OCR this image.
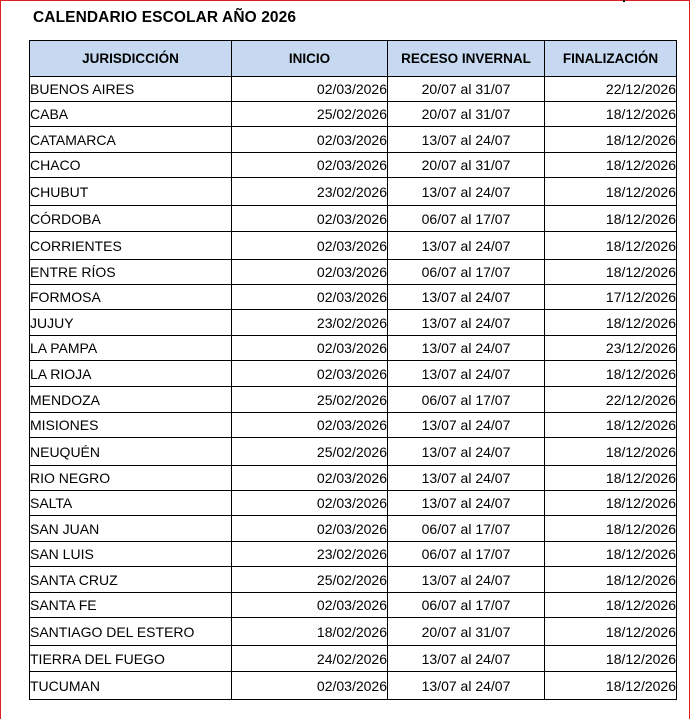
CALENDARIO ESCOLAR AÑO 2026
JURISDICCIÓN	INICIO	RECESO INVERNAL	FINALIZACIÓN
BUENOS AIRES	02/03/2026	20/07 al 31/07	22/12/2026
CABA	25/02/2026	20/07 al 31/07	18/12/2026
CATAMARCA	02/03/2026	13/07 al 24/07	18/12/2026
CHACO	02/03/2026	20/07 al 31/07	18/12/2026
CHUBUT	23/02/2026	13/07 al 24/07	18/12/2026
CÓRDOBA	02/03/2026	06/07 al 17/07	18/12/2026
CORRIENTES	02/03/2026	13/07 al 24/07	18/12/2026
ENTRE RÍOS	02/03/2026	06/07 al 17/07	18/12/2026
FORMOSA	02/03/2026	13/07 al 24/07	17/12/2026
JUJUY	23/02/2026	13/07 al 24/07	18/12/2026
LA PAMPA	02/03/2026	13/07 al 24/07	23/12/2026
LA RIOJA	02/03/2026	13/07 al 24/07	18/12/2026
MENDOZA	25/02/2026	06/07 al 17/07	22/12/2026
MISIONES	02/03/2026	13/07 al 24/07	18/12/2026
NEUQUÉN	25/02/2026	13/07 al 24/07	18/12/2026
RIO NEGRO	02/03/2026	13/07 al 24/07	18/12/2026
SALTA	02/03/2026	13/07 al 24/07	18/12/2026
SAN JUAN	02/03/2026	06/07 al 17/07	18/12/2026
SAN LUIS	23/02/2026	06/07 al 17/07	18/12/2026
SANTA CRUZ	25/02/2026	13/07 al 24/07	18/12/2026
SANTA FE	02/03/2026	06/07 al 17/07	18/12/2026
SANTIAGO DEL ESTERO	18/02/2026	20/07 al 31/07	18/12/2026
TIERRA DEL FUEGO	24/02/2026	13/07 al 24/07	18/12/2026
TUCUMAN	02/03/2026	13/07 al 24/07	18/12/2026
